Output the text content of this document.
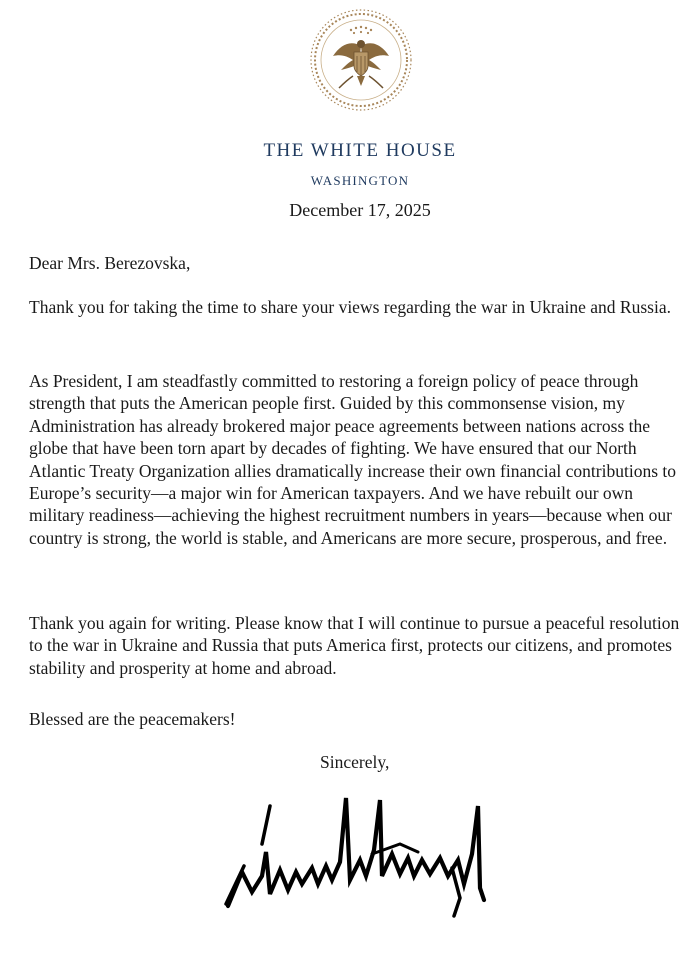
THE WHITE HOUSE
WASHINGTON
December 17, 2025
Dear Mrs. Berezovska,

Thank you for taking the time to share your views regarding the war in Ukraine and Russia.

As President, I am steadfastly committed to restoring a foreign policy of peace through strength that puts the American people first. Guided by this commonsense vision, my Administration has already brokered major peace agreements between nations across the globe that have been torn apart by decades of fighting. We have ensured that our North Atlantic Treaty Organization allies dramatically increase their own financial contributions to Europe’s security—a major win for American taxpayers. And we have rebuilt our own military readiness—achieving the highest recruitment numbers in years—because when our country is strong, the world is stable, and Americans are more secure, prosperous, and free.

Thank you again for writing. Please know that I will continue to pursue a peaceful resolution to the war in Ukraine and Russia that puts America first, protects our citizens, and promotes stability and prosperity at home and abroad.

Blessed are the peacemakers!
Sincerely,
